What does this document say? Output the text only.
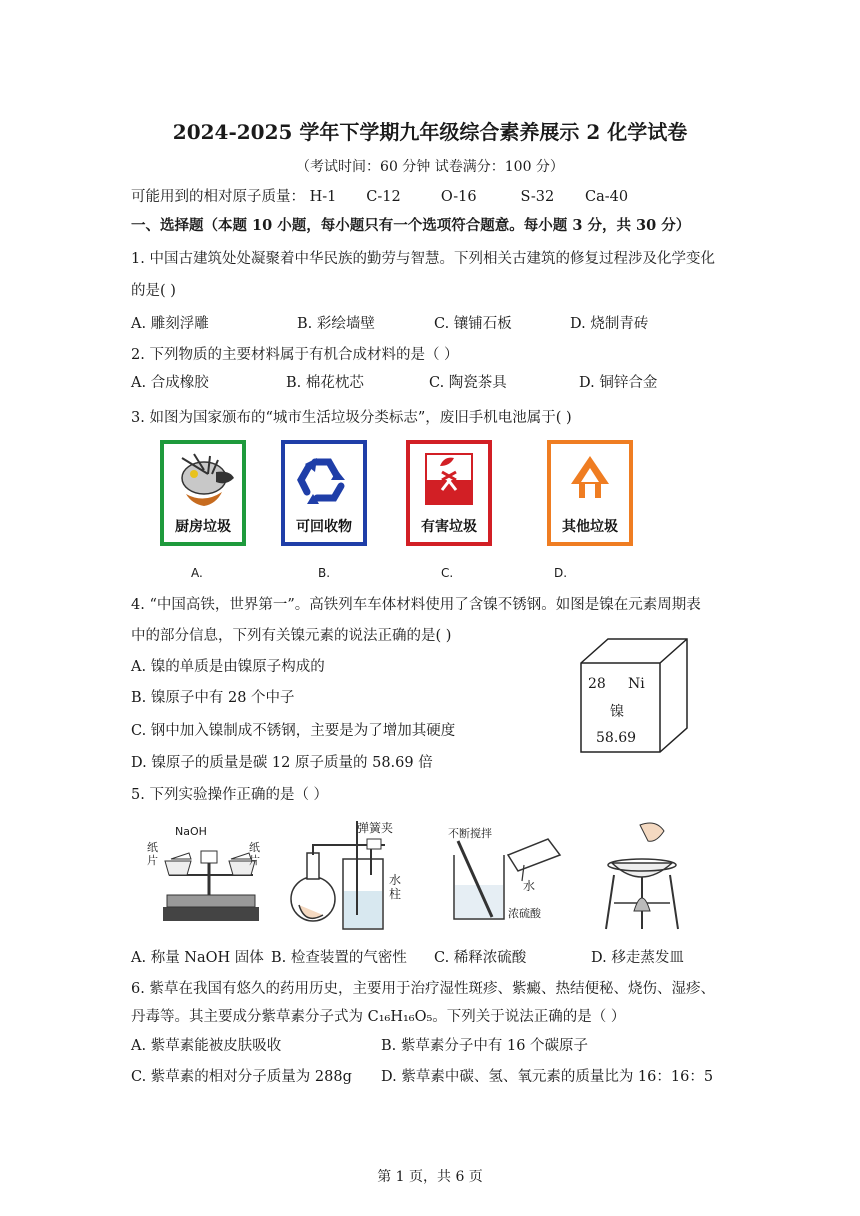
2024-2025 学年下学期九年级综合素养展示 2 化学试卷
（考试时间：60 分钟 试卷满分：100 分）
可能用到的相对原子质量： H-1 C-12	O-16	S-32 Ca-40
一、选择题（本题 10 小题，每小题只有一个选项符合题意。每小题 3 分，共 30 分）
1. 中国古建筑处处凝聚着中华民族的勤劳与智慧。下列相关古建筑的修复过程涉及化学变化
的是( )
A. 雕刻浮雕	B. 彩绘墙壁	C. 镶铺石板	D. 烧制青砖
2. 下列物质的主要材料属于有机合成材料的是（ ）
A. 合成橡胶	B. 棉花枕芯	C. 陶瓷茶具	D. 铜锌合金
3. 如图为国家颁布的“城市生活垃圾分类标志”，废旧手机电池属于( )
厨房垃圾	可回收物	有害垃圾	其他垃圾
A.	B.	C.	D.
4. “中国高铁，世界第一”。高铁列车车体材料使用了含镍不锈钢。如图是镍在元素周期表
中的部分信息，下列有关镍元素的说法正确的是( )
A. 镍的单质是由镍原子构成的
B. 镍原子中有 28 个中子
C. 钢中加入镍制成不锈钢，主要是为了增加其硬度
D. 镍原子的质量是碳 12 原子质量的 58.69 倍
28 Ni
镍
58.69
5. 下列实验操作正确的是（ ）
纸片
NaOH
纸片
弹簧夹
水柱
不断搅拌
水
浓硫酸
A. 称量 NaOH 固体 B. 检查装置的气密性 C. 稀释浓硫酸	D. 移走蒸发皿
6. 紫草在我国有悠久的药用历史，主要用于治疗湿性斑疹、紫癜、热结便秘、烧伤、湿疹、
丹毒等。其主要成分紫草素分子式为 C₁₆H₁₆O₅。下列关于说法正确的是（ ）
A. 紫草素能被皮肤吸收	B. 紫草素分子中有 16 个碳原子
C. 紫草素的相对分子质量为 288g D. 紫草素中碳、氢、氧元素的质量比为 16：16：5
第 1 页，共 6 页
